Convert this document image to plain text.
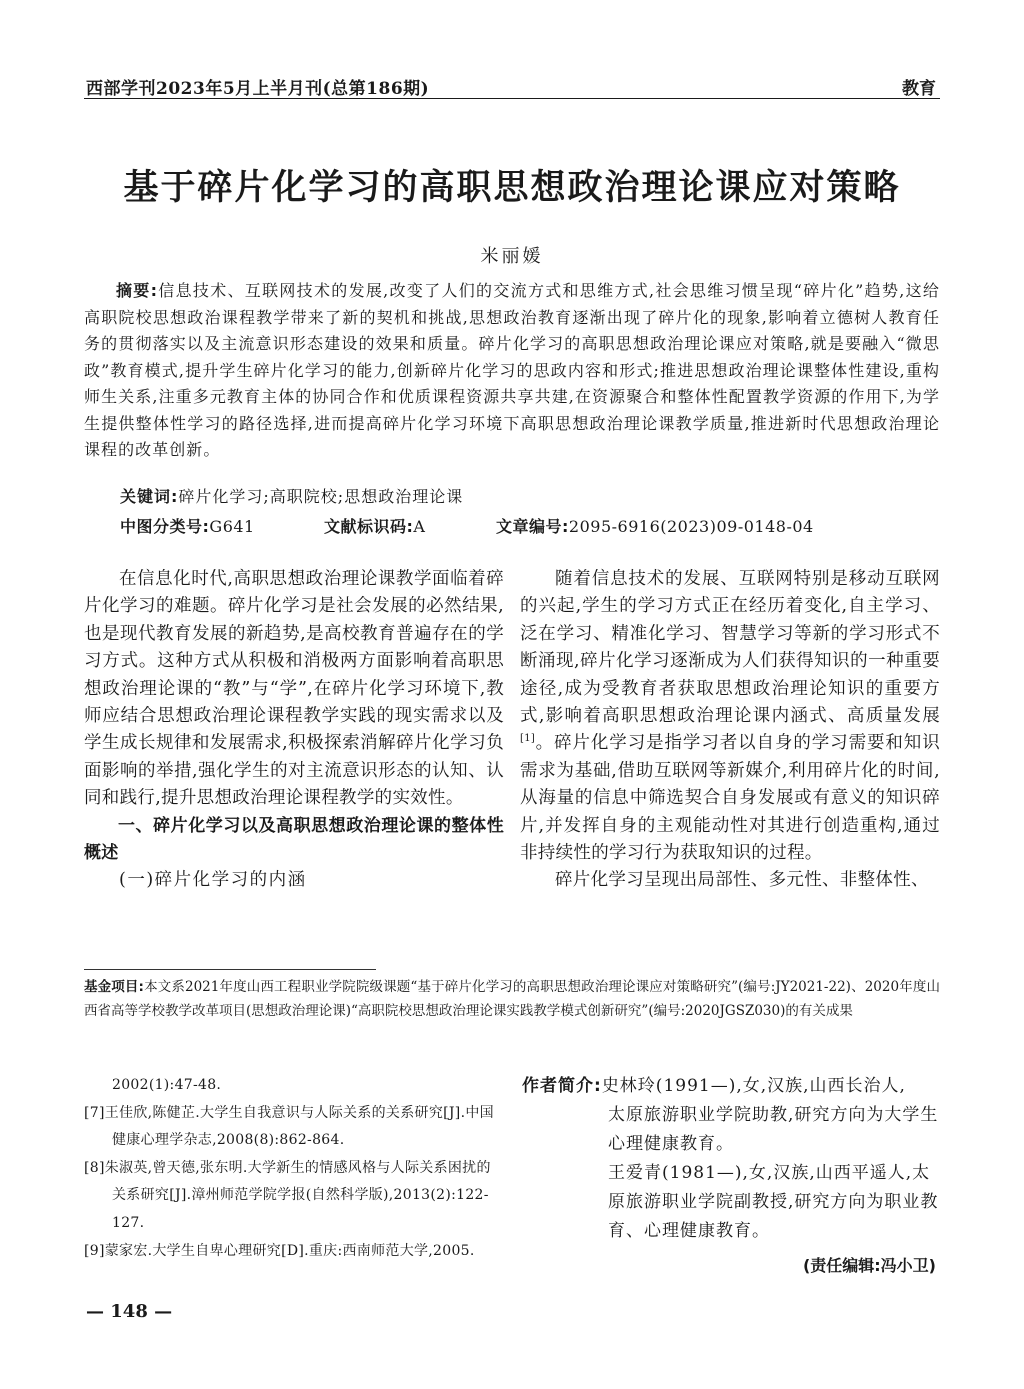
西部学刊2023年5月上半月刊(总第186期)	教育
基于碎片化学习的高职思想政治理论课应对策略
米丽媛
摘要:信息技术、互联网技术的发展,改变了人们的交流方式和思维方式,社会思维习惯呈现“碎片化”趋势,这给高职院校思想政治课程教学带来了新的契机和挑战,思想政治教育逐渐出现了碎片化的现象,影响着立德树人教育任务的贯彻落实以及主流意识形态建设的效果和质量。碎片化学习的高职思想政治理论课应对策略,就是要融入“微思政”教育模式,提升学生碎片化学习的能力,创新碎片化学习的思政内容和形式;推进思想政治理论课整体性建设,重构师生关系,注重多元教育主体的协同合作和优质课程资源共享共建,在资源聚合和整体性配置教学资源的作用下,为学生提供整体性学习的路径选择,进而提高碎片化学习环境下高职思想政治理论课教学质量,推进新时代思想政治理论课程的改革创新。
关键词:碎片化学习;高职院校;思想政治理论课
中图分类号:G641	文献标识码:A	文章编号:2095-6916(2023)09-0148-04

在信息化时代,高职思想政治理论课教学面临着碎片化学习的难题。碎片化学习是社会发展的必然结果,也是现代教育发展的新趋势,是高校教育普遍存在的学习方式。这种方式从积极和消极两方面影响着高职思想政治理论课的“教”与“学”,在碎片化学习环境下,教师应结合思想政治理论课程教学实践的现实需求以及学生成长规律和发展需求,积极探索消解碎片化学习负面影响的举措,强化学生的对主流意识形态的认知、认同和践行,提升思想政治理论课程教学的实效性。

一、碎片化学习以及高职思想政治理论课的整体性概述

(一)碎片化学习的内涵

随着信息技术的发展、互联网特别是移动互联网的兴起,学生的学习方式正在经历着变化,自主学习、泛在学习、精准化学习、智慧学习等新的学习形式不断涌现,碎片化学习逐渐成为人们获得知识的一种重要途径,成为受教育者获取思想政治理论知识的重要方式,影响着高职思想政治理论课内涵式、高质量发展[1]。碎片化学习是指学习者以自身的学习需要和知识需求为基础,借助互联网等新媒介,利用碎片化的时间,从海量的信息中筛选契合自身发展或有意义的知识碎片,并发挥自身的主观能动性对其进行创造重构,通过非持续性的学习行为获取知识的过程。

碎片化学习呈现出局部性、多元性、非整体性、

基金项目:本文系2021年度山西工程职业学院院级课题“基于碎片化学习的高职思想政治理论课应对策略研究”(编号:JY2021-22)、2020年度山西省高等学校教学改革项目(思想政治理论课)“高职院校思想政治理论课实践教学模式创新研究”(编号:2020JGSZ030)的有关成果

2002(1):47-48.

[7]王佳欣,陈健芷.大学生自我意识与人际关系的关系研究[J].中国健康心理学杂志,2008(8):862-864.

[8]朱淑英,曾天德,张东明.大学新生的情感风格与人际关系困扰的关系研究[J].漳州师范学院学报(自然科学版),2013(2):122-127.

[9]蒙家宏.大学生自卑心理研究[D].重庆:西南师范大学,2005.

作者简介:史林玲(1991—),女,汉族,山西长治人,

太原旅游职业学院助教,研究方向为大学生心理健康教育。

王爱青(1981—),女,汉族,山西平遥人,太原旅游职业学院副教授,研究方向为职业教育、心理健康教育。

(责任编辑:冯小卫)
— 148 —
